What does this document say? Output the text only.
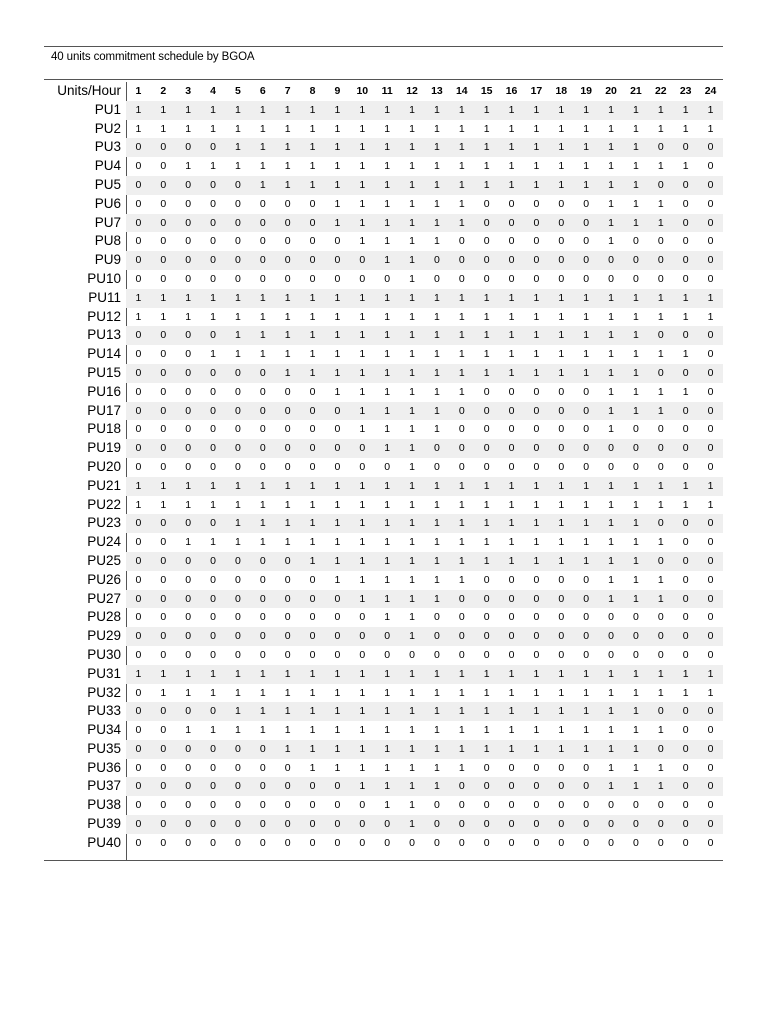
40 units commitment schedule by BGOA
Units/Hour	1	2	3	4	5	6	7	8	9	10	11	12	13	14	15	16	17	18	19	20	21	22	23	24
PU1	1	1	1	1	1	1	1	1	1	1	1	1	1	1	1	1	1	1	1	1	1	1	1	1
PU2	1	1	1	1	1	1	1	1	1	1	1	1	1	1	1	1	1	1	1	1	1	1	1	1
PU3	0	0	0	0	1	1	1	1	1	1	1	1	1	1	1	1	1	1	1	1	1	0	0	0
PU4	0	0	1	1	1	1	1	1	1	1	1	1	1	1	1	1	1	1	1	1	1	1	1	0
PU5	0	0	0	0	0	1	1	1	1	1	1	1	1	1	1	1	1	1	1	1	1	0	0	0
PU6	0	0	0	0	0	0	0	0	1	1	1	1	1	1	0	0	0	0	0	1	1	1	0	0
PU7	0	0	0	0	0	0	0	0	1	1	1	1	1	1	0	0	0	0	0	1	1	1	0	0
PU8	0	0	0	0	0	0	0	0	0	1	1	1	1	0	0	0	0	0	0	1	0	0	0	0
PU9	0	0	0	0	0	0	0	0	0	0	1	1	0	0	0	0	0	0	0	0	0	0	0	0
PU10	0	0	0	0	0	0	0	0	0	0	0	1	0	0	0	0	0	0	0	0	0	0	0	0
PU11	1	1	1	1	1	1	1	1	1	1	1	1	1	1	1	1	1	1	1	1	1	1	1	1
PU12	1	1	1	1	1	1	1	1	1	1	1	1	1	1	1	1	1	1	1	1	1	1	1	1
PU13	0	0	0	0	1	1	1	1	1	1	1	1	1	1	1	1	1	1	1	1	1	0	0	0
PU14	0	0	0	1	1	1	1	1	1	1	1	1	1	1	1	1	1	1	1	1	1	1	1	0
PU15	0	0	0	0	0	0	1	1	1	1	1	1	1	1	1	1	1	1	1	1	1	0	0	0
PU16	0	0	0	0	0	0	0	0	1	1	1	1	1	1	0	0	0	0	0	1	1	1	1	0
PU17	0	0	0	0	0	0	0	0	0	1	1	1	1	0	0	0	0	0	0	1	1	1	0	0
PU18	0	0	0	0	0	0	0	0	0	1	1	1	1	0	0	0	0	0	0	1	0	0	0	0
PU19	0	0	0	0	0	0	0	0	0	0	1	1	0	0	0	0	0	0	0	0	0	0	0	0
PU20	0	0	0	0	0	0	0	0	0	0	0	1	0	0	0	0	0	0	0	0	0	0	0	0
PU21	1	1	1	1	1	1	1	1	1	1	1	1	1	1	1	1	1	1	1	1	1	1	1	1
PU22	1	1	1	1	1	1	1	1	1	1	1	1	1	1	1	1	1	1	1	1	1	1	1	1
PU23	0	0	0	0	1	1	1	1	1	1	1	1	1	1	1	1	1	1	1	1	1	0	0	0
PU24	0	0	1	1	1	1	1	1	1	1	1	1	1	1	1	1	1	1	1	1	1	1	0	0
PU25	0	0	0	0	0	0	0	1	1	1	1	1	1	1	1	1	1	1	1	1	1	0	0	0
PU26	0	0	0	0	0	0	0	0	1	1	1	1	1	1	0	0	0	0	0	1	1	1	0	0
PU27	0	0	0	0	0	0	0	0	0	1	1	1	1	0	0	0	0	0	0	1	1	1	0	0
PU28	0	0	0	0	0	0	0	0	0	0	1	1	0	0	0	0	0	0	0	0	0	0	0	0
PU29	0	0	0	0	0	0	0	0	0	0	0	1	0	0	0	0	0	0	0	0	0	0	0	0
PU30	0	0	0	0	0	0	0	0	0	0	0	0	0	0	0	0	0	0	0	0	0	0	0	0
PU31	1	1	1	1	1	1	1	1	1	1	1	1	1	1	1	1	1	1	1	1	1	1	1	1
PU32	0	1	1	1	1	1	1	1	1	1	1	1	1	1	1	1	1	1	1	1	1	1	1	1
PU33	0	0	0	0	1	1	1	1	1	1	1	1	1	1	1	1	1	1	1	1	1	0	0	0
PU34	0	0	1	1	1	1	1	1	1	1	1	1	1	1	1	1	1	1	1	1	1	1	0	0
PU35	0	0	0	0	0	0	1	1	1	1	1	1	1	1	1	1	1	1	1	1	1	0	0	0
PU36	0	0	0	0	0	0	0	1	1	1	1	1	1	1	0	0	0	0	0	1	1	1	0	0
PU37	0	0	0	0	0	0	0	0	0	1	1	1	1	0	0	0	0	0	0	1	1	1	0	0
PU38	0	0	0	0	0	0	0	0	0	0	1	1	0	0	0	0	0	0	0	0	0	0	0	0
PU39	0	0	0	0	0	0	0	0	0	0	0	1	0	0	0	0	0	0	0	0	0	0	0	0
PU40	0	0	0	0	0	0	0	0	0	0	0	0	0	0	0	0	0	0	0	0	0	0	0	0
